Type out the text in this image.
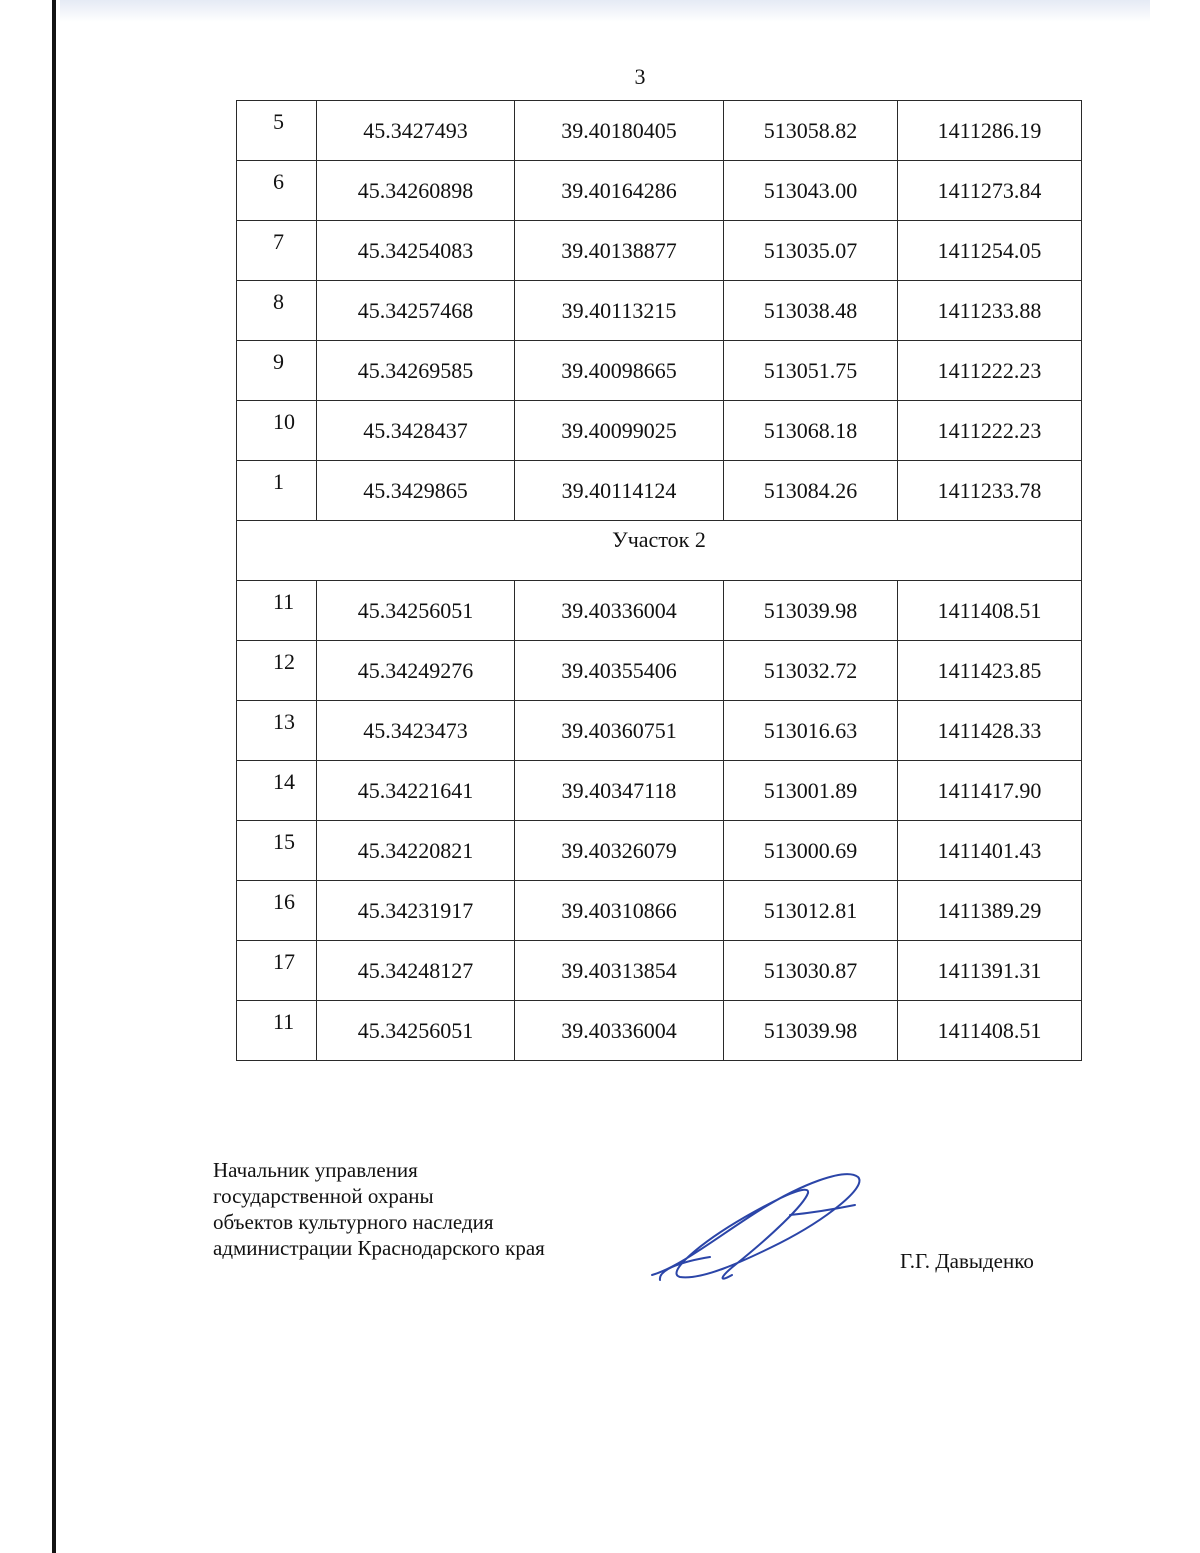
3
5	45.3427493	39.40180405	513058.82	1411286.19
6	45.34260898	39.40164286	513043.00	1411273.84
7	45.34254083	39.40138877	513035.07	1411254.05
8	45.34257468	39.40113215	513038.48	1411233.88
9	45.34269585	39.40098665	513051.75	1411222.23
10	45.3428437	39.40099025	513068.18	1411222.23
1	45.3429865	39.40114124	513084.26	1411233.78
Участок 2				
11	45.34256051	39.40336004	513039.98	1411408.51
12	45.34249276	39.40355406	513032.72	1411423.85
13	45.3423473	39.40360751	513016.63	1411428.33
14	45.34221641	39.40347118	513001.89	1411417.90
15	45.34220821	39.40326079	513000.69	1411401.43
16	45.34231917	39.40310866	513012.81	1411389.29
17	45.34248127	39.40313854	513030.87	1411391.31
11	45.34256051	39.40336004	513039.98	1411408.51
Начальник управления
государственной охраны
объектов культурного наследия
администрации Краснодарского края
Г.Г. Давыденко
